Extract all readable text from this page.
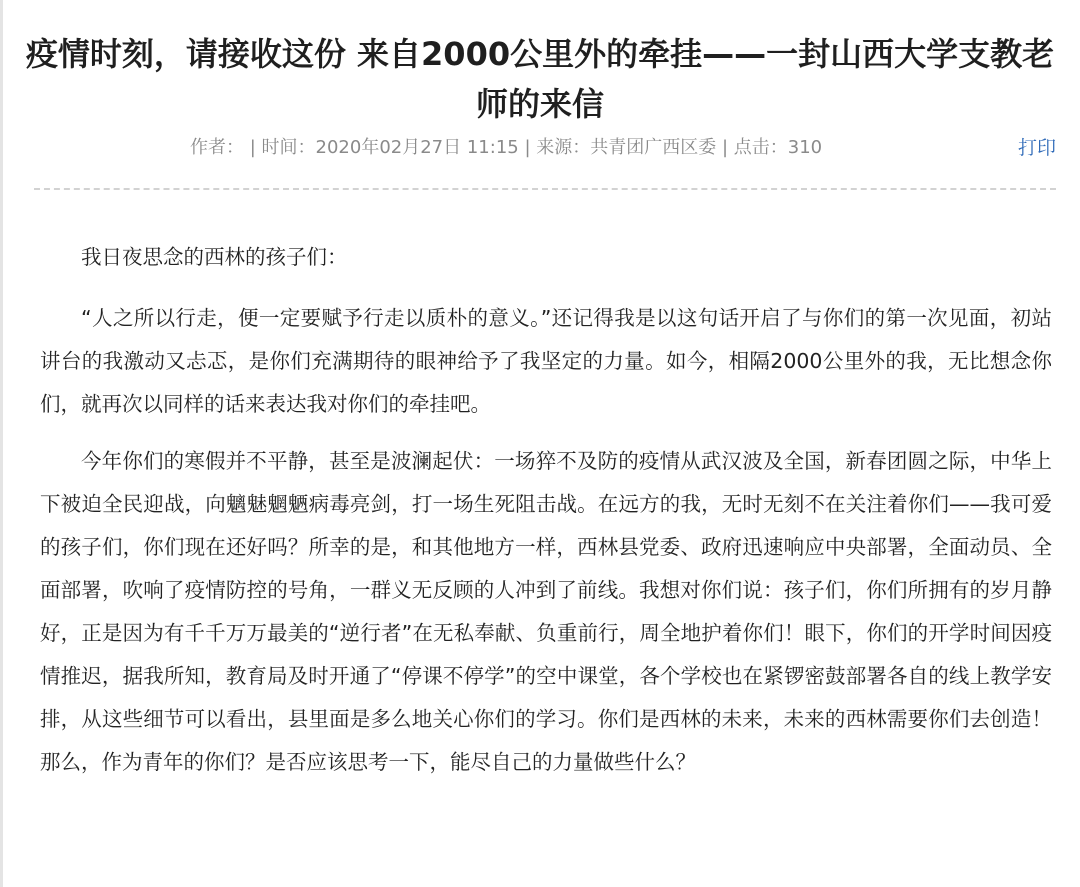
疫情时刻，请接收这份 来自2000公里外的牵挂——一封山西大学支教老师的来信
作者： | 时间：2020年02月27日 11:15 | 来源：共青团广西区委 | 点击：310	打印

我日夜思念的西林的孩子们：

“人之所以行走，便一定要赋予行走以质朴的意义。”还记得我是以这句话开启了与你们的第一次见面，初站讲台的我激动又忐忑，是你们充满期待的眼神给予了我坚定的力量。如今，相隔2000公里外的我，无比想念你们，就再次以同样的话来表达我对你们的牵挂吧。

今年你们的寒假并不平静，甚至是波澜起伏：一场猝不及防的疫情从武汉波及全国，新春团圆之际，中华上下被迫全民迎战，向魑魅魍魉病毒亮剑，打一场生死阻击战。在远方的我，无时无刻不在关注着你们——我可爱的孩子们，你们现在还好吗？所幸的是，和其他地方一样，西林县党委、政府迅速响应中央部署，全面动员、全面部署，吹响了疫情防控的号角，一群义无反顾的人冲到了前线。我想对你们说：孩子们，你们所拥有的岁月静好，正是因为有千千万万最美的“逆行者”在无私奉献、负重前行，周全地护着你们！眼下，你们的开学时间因疫情推迟，据我所知，教育局及时开通了“停课不停学”的空中课堂，各个学校也在紧锣密鼓部署各自的线上教学安排，从这些细节可以看出，县里面是多么地关心你们的学习。你们是西林的未来，未来的西林需要你们去创造！那么，作为青年的你们？是否应该思考一下，能尽自己的力量做些什么？
